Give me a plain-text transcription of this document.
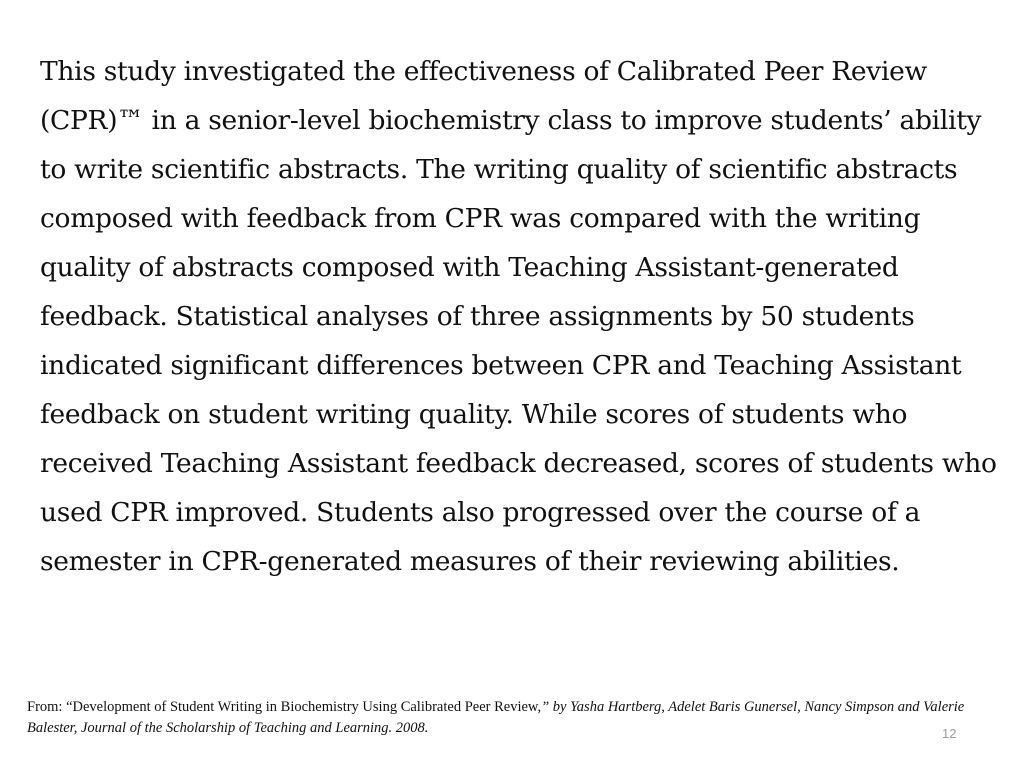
This study investigated the effectiveness of Calibrated Peer Review (CPR)™ in a senior-level biochemistry class to improve students’ ability to write scientific abstracts. The writing quality of scientific abstracts composed with feedback from CPR was compared with the writing quality of abstracts composed with Teaching Assistant-generated feedback. Statistical analyses of three assignments by 50 students indicated significant differences between CPR and Teaching Assistant feedback on student writing quality. While scores of students who received Teaching Assistant feedback decreased, scores of students who used CPR improved. Students also progressed over the course of a semester in CPR-generated measures of their reviewing abilities.

From: “Development of Student Writing in Biochemistry Using Calibrated Peer Review,” by Yasha Hartberg, Adelet Baris Gunersel, Nancy Simpson and Valerie Balester, Journal of the Scholarship of Teaching and Learning. 2008.	12
